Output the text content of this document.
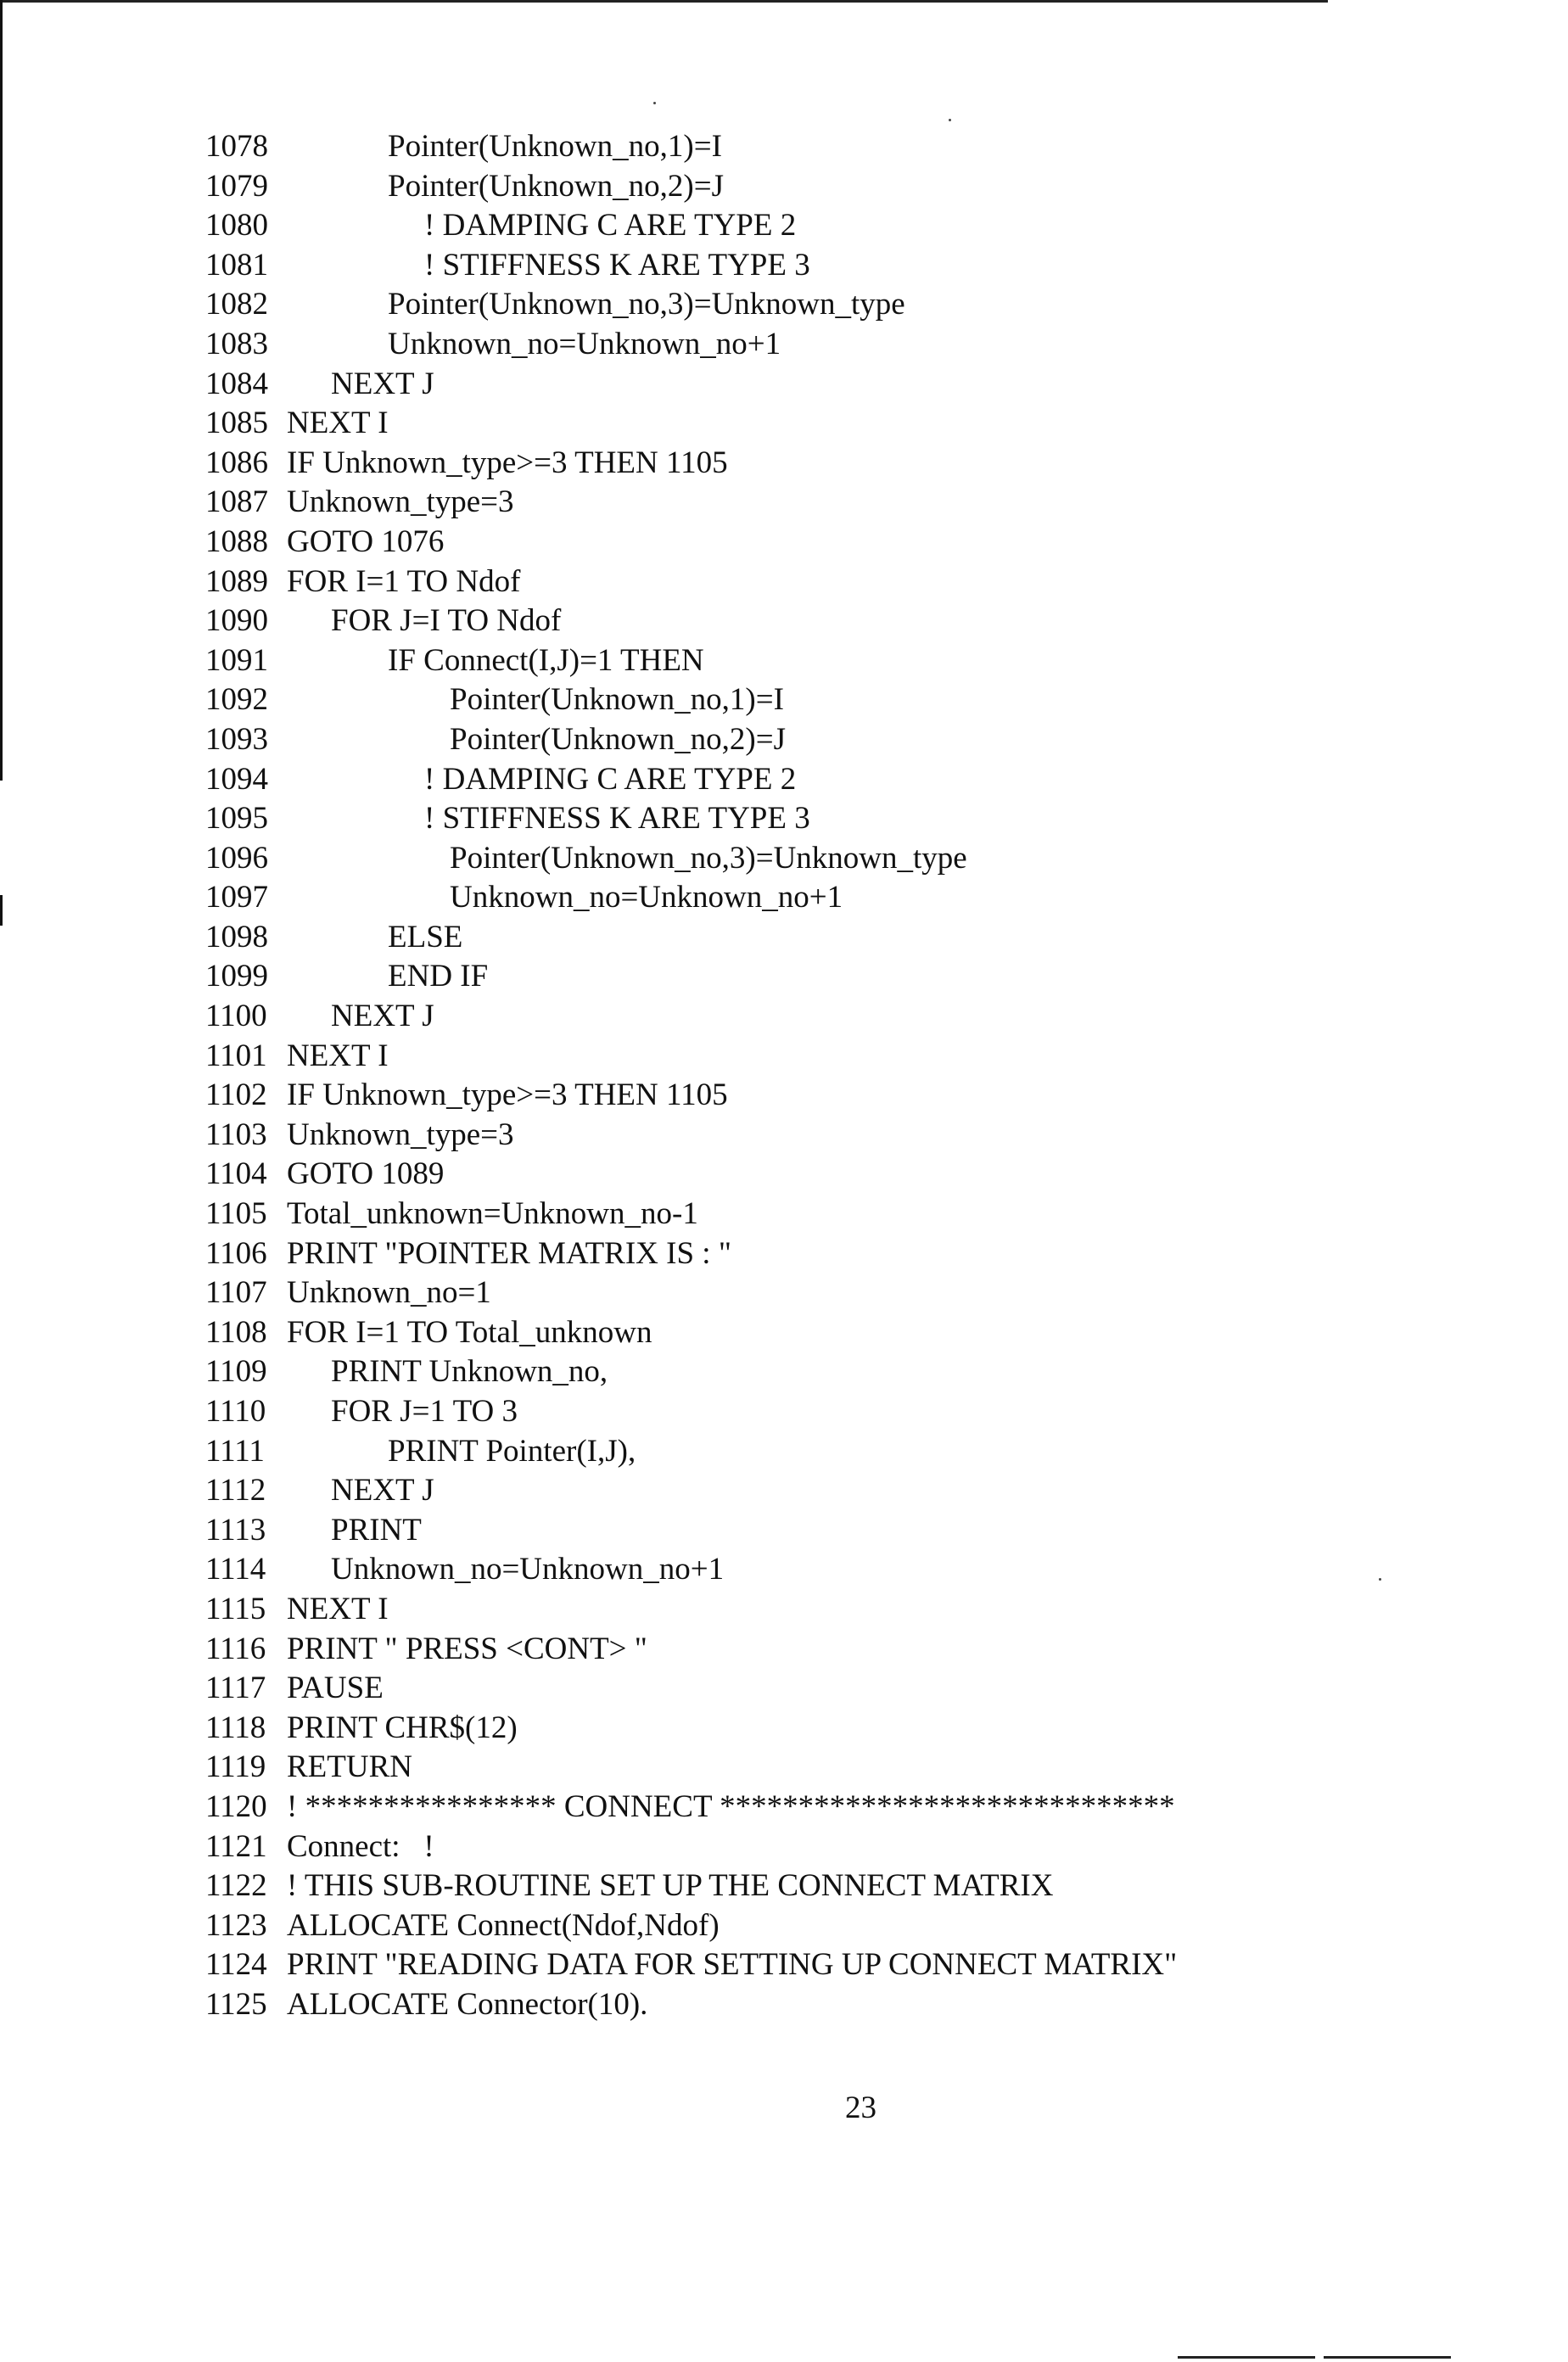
1078	Pointer(Unknown_no,1)=I
1079	Pointer(Unknown_no,2)=J
1080	! DAMPING C ARE TYPE 2
1081	! STIFFNESS K ARE TYPE 3
1082	Pointer(Unknown_no,3)=Unknown_type
1083	Unknown_no=Unknown_no+1
1084 NEXT J
1085 NEXT I
1086 IF Unknown_type>=3 THEN 1105
1087 Unknown_type=3
1088 GOTO 1076
1089 FOR I=1 TO Ndof
1090 FOR J=I TO Ndof
1091	IF Connect(I,J)=1 THEN
1092	Pointer(Unknown_no,1)=I
1093	Pointer(Unknown_no,2)=J
1094	! DAMPING C ARE TYPE 2
1095	! STIFFNESS K ARE TYPE 3
1096	Pointer(Unknown_no,3)=Unknown_type
1097	Unknown_no=Unknown_no+1
1098	ELSE
1099	END IF
1100 NEXT J
1101 NEXT I
1102 IF Unknown_type>=3 THEN 1105
1103 Unknown_type=3
1104 GOTO 1089
1105 Total_unknown=Unknown_no-1
1106 PRINT "POINTER MATRIX IS : "
1107 Unknown_no=1
1108 FOR I=1 TO Total_unknown
1109 PRINT Unknown_no,
1110 FOR J=1 TO 3
1111	PRINT Pointer(I,J),
1112 NEXT J
1113 PRINT
1114 Unknown_no=Unknown_no+1
1115 NEXT I
1116 PRINT " PRESS <CONT> "
1117 PAUSE
1118 PRINT CHR$(12)
1119 RETURN
1120 ! **************** CONNECT *****************************
1121 Connect:   !
1122 ! THIS SUB-ROUTINE SET UP THE CONNECT MATRIX
1123 ALLOCATE Connect(Ndof,Ndof)
1124 PRINT "READING DATA FOR SETTING UP CONNECT MATRIX"
1125 ALLOCATE Connector(10).
23
